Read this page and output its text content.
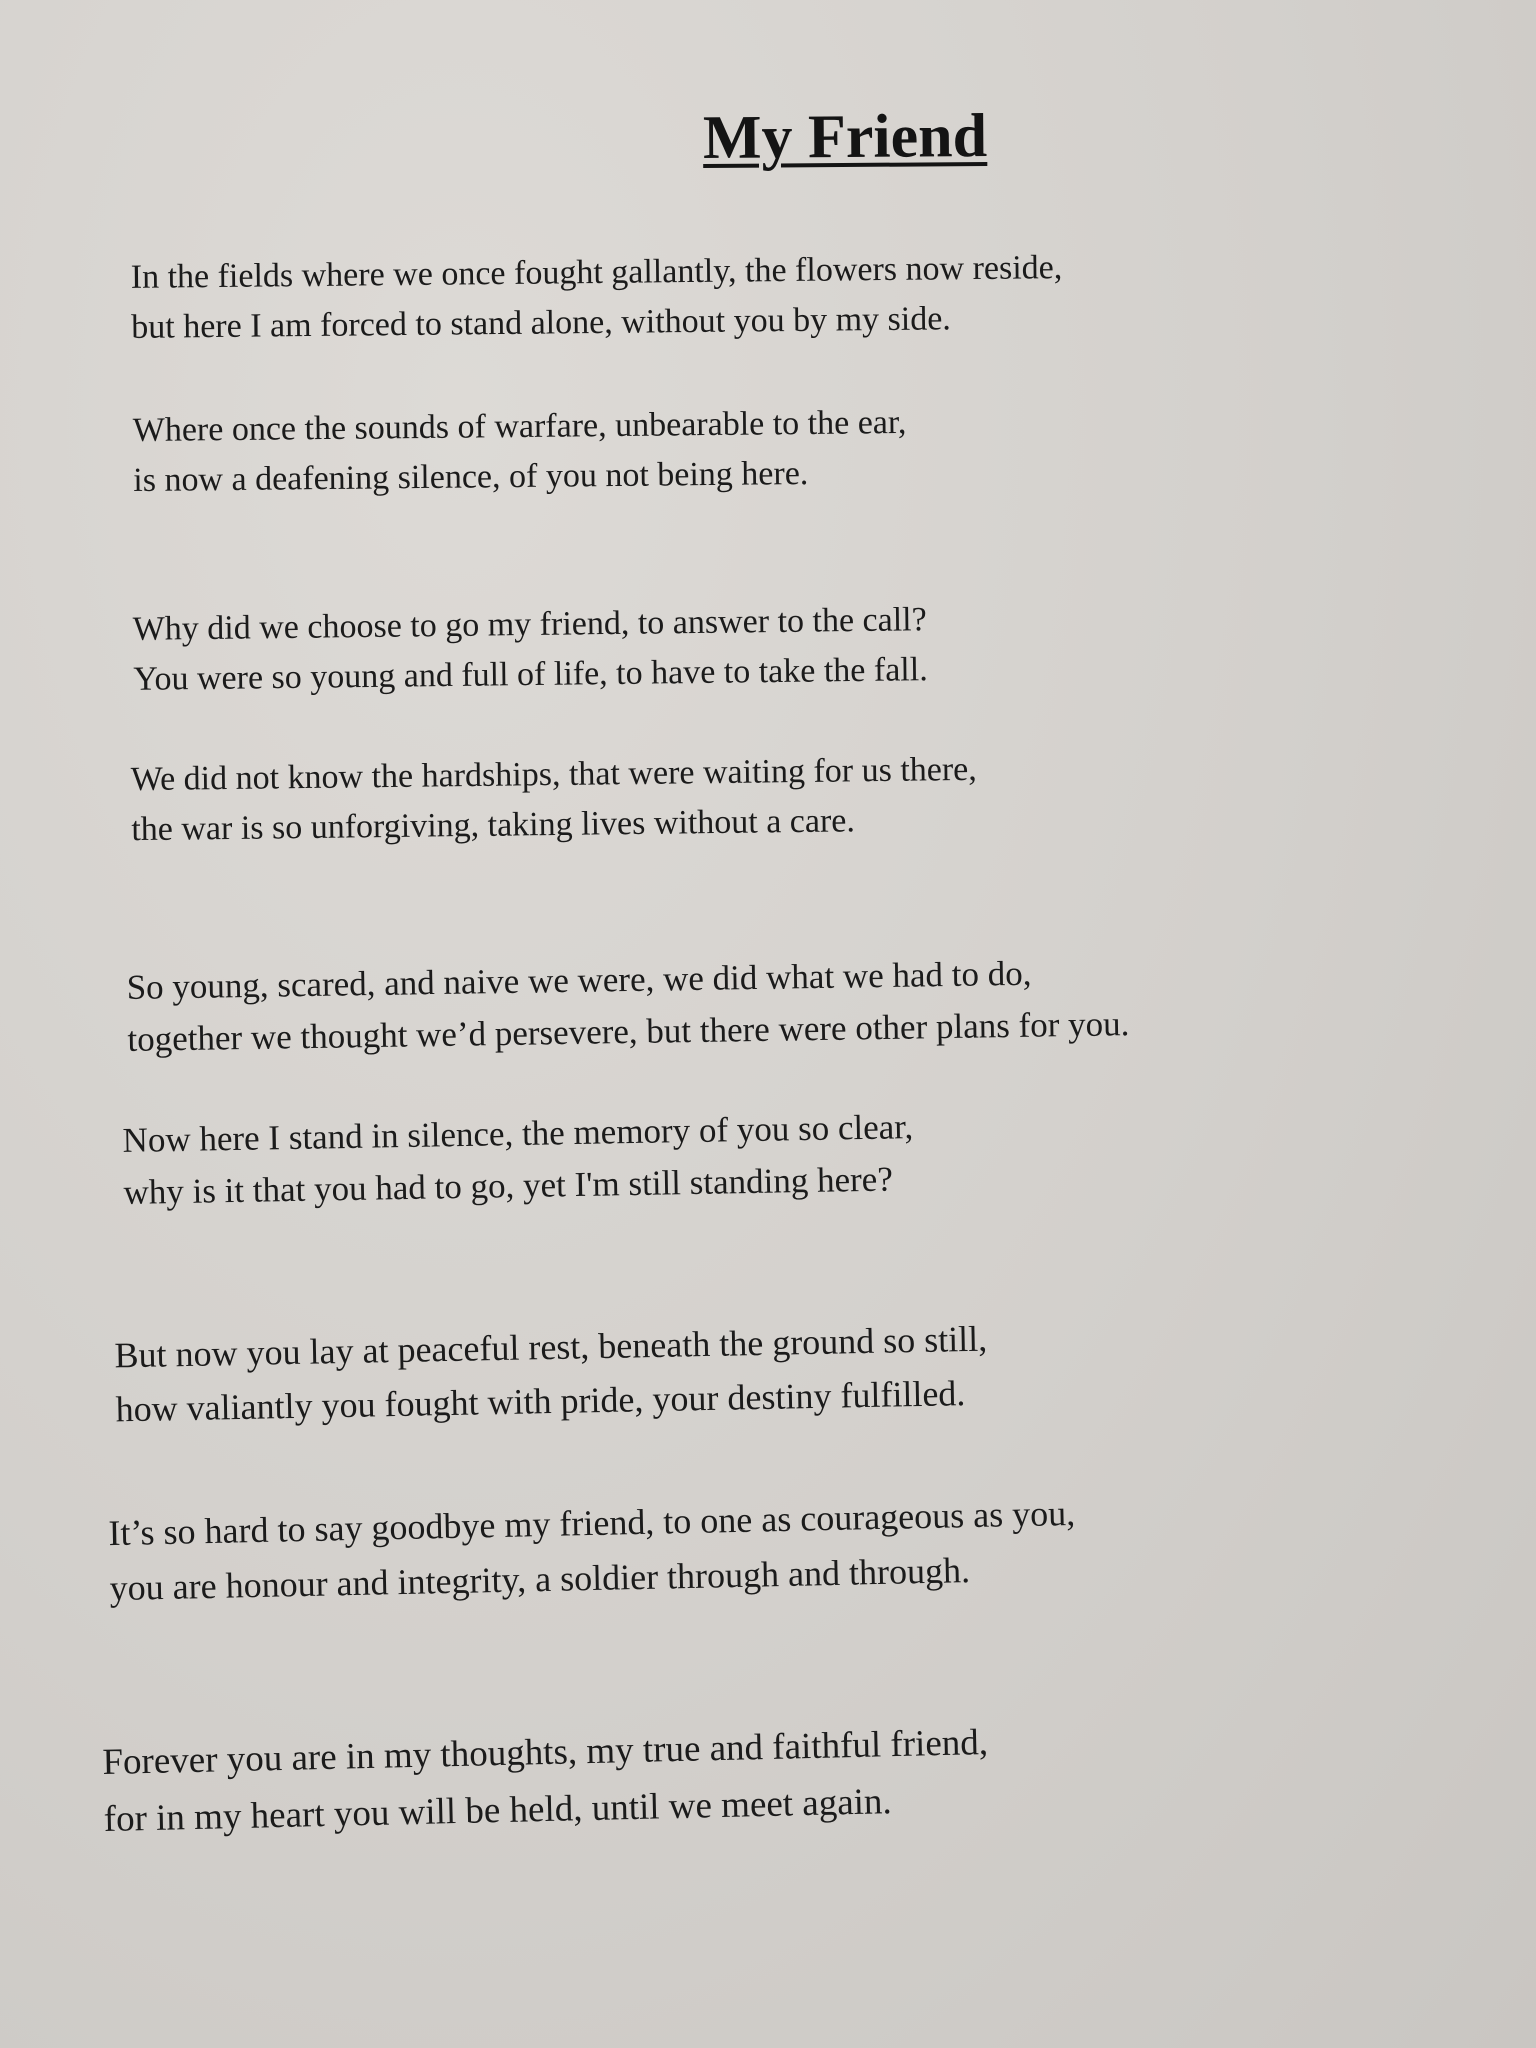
My Friend
In the fields where we once fought gallantly, the flowers now reside,
but here I am forced to stand alone, without you by my side.
Where once the sounds of warfare, unbearable to the ear,
is now a deafening silence, of you not being here.
Why did we choose to go my friend, to answer to the call?
You were so young and full of life, to have to take the fall.
We did not know the hardships, that were waiting for us there,
the war is so unforgiving, taking lives without a care.
So young, scared, and naive we were, we did what we had to do,
together we thought we’d persevere, but there were other plans for you.
Now here I stand in silence, the memory of you so clear,
why is it that you had to go, yet I'm still standing here?
But now you lay at peaceful rest, beneath the ground so still,
how valiantly you fought with pride, your destiny fulfilled.
It’s so hard to say goodbye my friend, to one as courageous as you,
you are honour and integrity, a soldier through and through.
Forever you are in my thoughts, my true and faithful friend,
for in my heart you will be held, until we meet again.
